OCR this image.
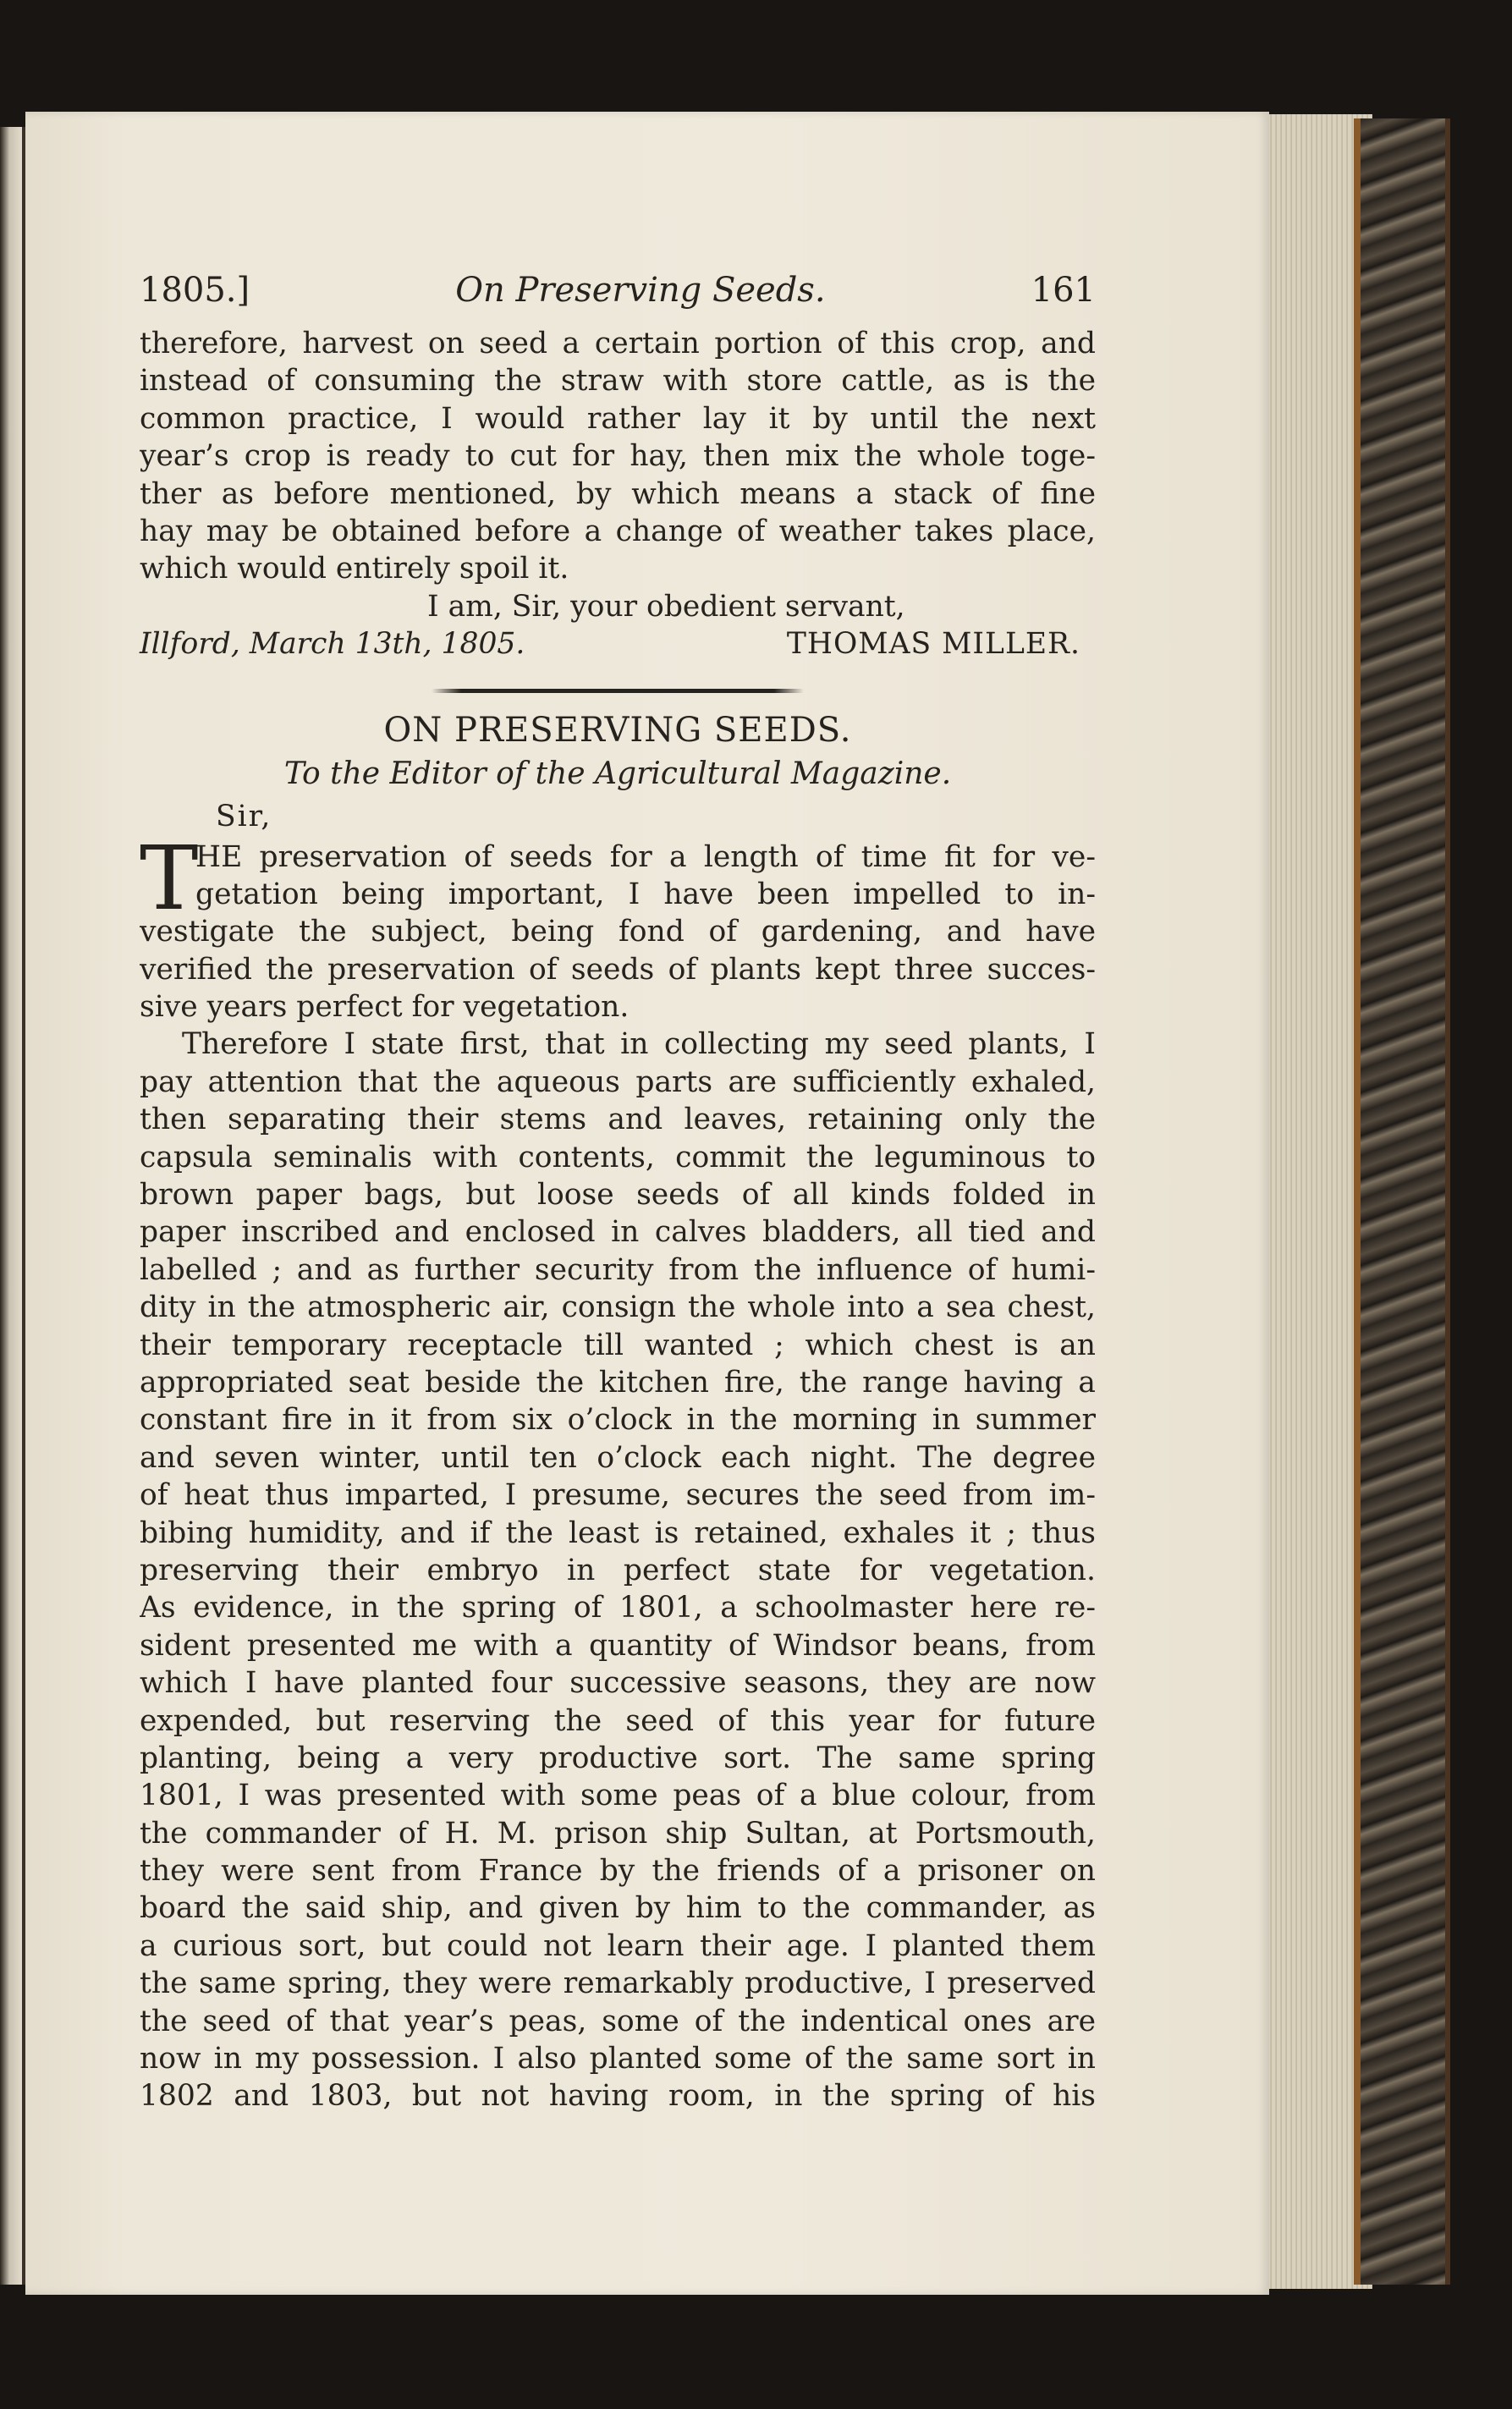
1805.]	On Preserving Seeds.	161
therefore, harvest on seed a certain portion of this crop, and
instead of consuming the straw with store cattle, as is the
common practice, I would rather lay it by until the next
year’s crop is ready to cut for hay, then mix the whole toge-
ther as before mentioned, by which means a stack of fine
hay may be obtained before a change of weather takes place,
which would entirely spoil it.
I am, Sir, your obedient servant,
Illford, March 13th, 1805.	THOMAS MILLER.
ON PRESERVING SEEDS.
To the Editor of the Agricultural Magazine.
Sir,
T
HE preservation of seeds for a length of time fit for ve-
getation being important, I have been impelled to in-
vestigate the subject, being fond of gardening, and have
verified the preservation of seeds of plants kept three succes-
sive years perfect for vegetation.
Therefore I state first, that in collecting my seed plants, I
pay attention that the aqueous parts are sufficiently exhaled,
then separating their stems and leaves, retaining only the
capsula seminalis with contents, commit the leguminous to
brown paper bags, but loose seeds of all kinds folded in
paper inscribed and enclosed in calves bladders, all tied and
labelled ; and as further security from the influence of humi-
dity in the atmospheric air, consign the whole into a sea chest,
their temporary receptacle till wanted ; which chest is an
appropriated seat beside the kitchen fire, the range having a
constant fire in it from six o’clock in the morning in summer
and seven winter, until ten o’clock each night. The degree
of heat thus imparted, I presume, secures the seed from im-
bibing humidity, and if the least is retained, exhales it ; thus
preserving their embryo in perfect state for vegetation.
As evidence, in the spring of 1801, a schoolmaster here re-
sident presented me with a quantity of Windsor beans, from
which I have planted four successive seasons, they are now
expended, but reserving the seed of this year for future
planting, being a very productive sort. The same spring
1801, I was presented with some peas of a blue colour, from
the commander of H. M. prison ship Sultan, at Portsmouth,
they were sent from France by the friends of a prisoner on
board the said ship, and given by him to the commander, as
a curious sort, but could not learn their age. I planted them
the same spring, they were remarkably productive, I preserved
the seed of that year’s peas, some of the indentical ones are
now in my possession. I also planted some of the same sort in
1802 and 1803, but not having room, in the spring of his
